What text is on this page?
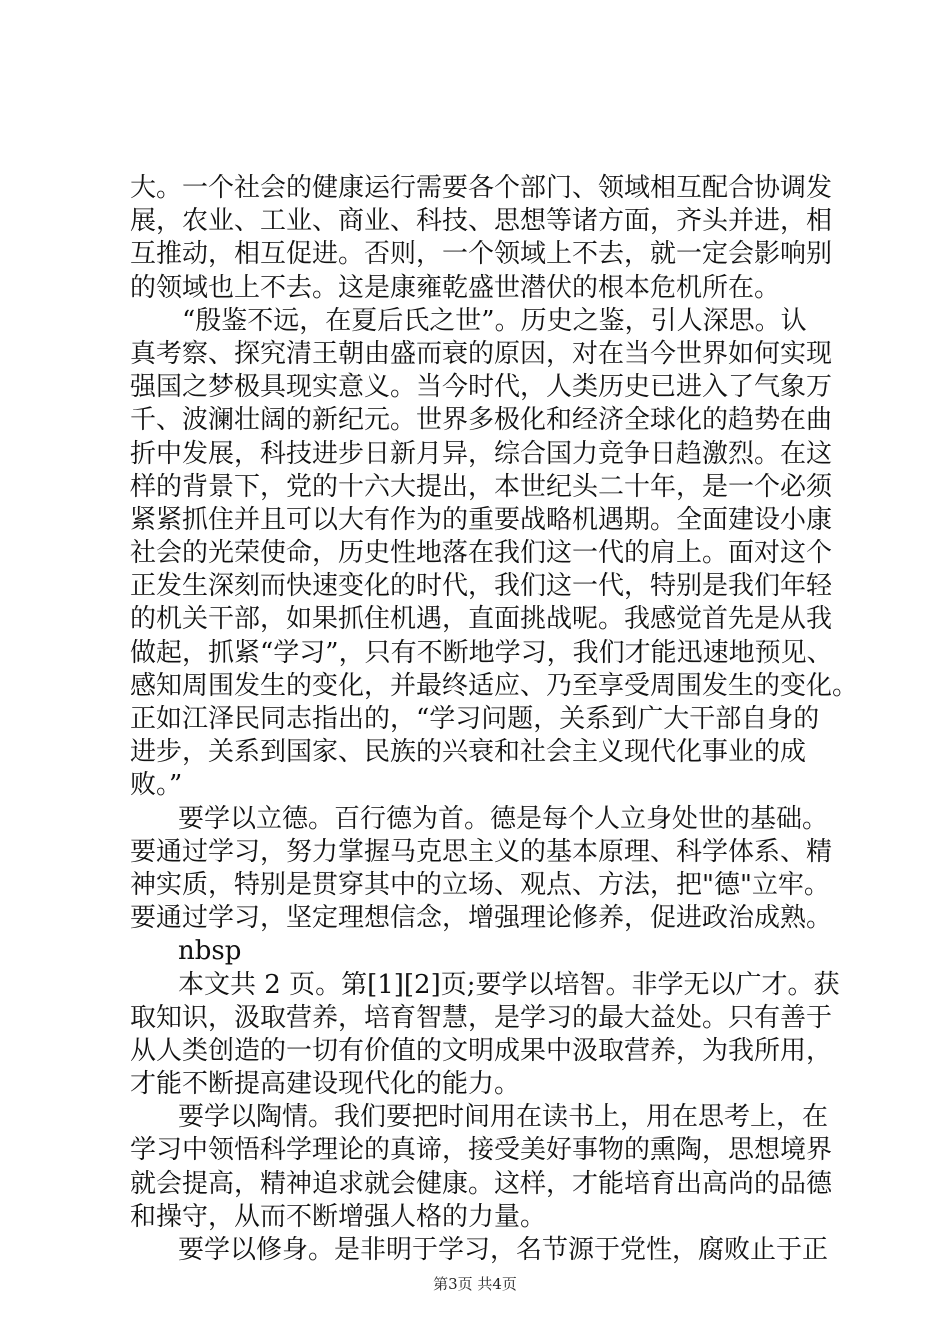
大。一个社会的健康运行需要各个部门、领域相互配合协调发
展，农业、工业、商业、科技、思想等诸方面，齐头并进，相
互推动，相互促进。否则，一个领域上不去，就一定会影响别
的领域也上不去。这是康雍乾盛世潜伏的根本危机所在。
“殷鉴不远，在夏后氏之世”。历史之鉴，引人深思。认
真考察、探究清王朝由盛而衰的原因，对在当今世界如何实现
强国之梦极具现实意义。当今时代，人类历史已进入了气象万
千、波澜壮阔的新纪元。世界多极化和经济全球化的趋势在曲
折中发展，科技进步日新月异，综合国力竞争日趋激烈。在这
样的背景下，党的十六大提出，本世纪头二十年，是一个必须
紧紧抓住并且可以大有作为的重要战略机遇期。全面建设小康
社会的光荣使命，历史性地落在我们这一代的肩上。面对这个
正发生深刻而快速变化的时代，我们这一代，特别是我们年轻
的机关干部，如果抓住机遇，直面挑战呢。我感觉首先是从我
做起，抓紧“学习”，只有不断地学习，我们才能迅速地预见、
感知周围发生的变化，并最终适应、乃至享受周围发生的变化。
正如江泽民同志指出的，“学习问题，关系到广大干部自身的
进步，关系到国家、民族的兴衰和社会主义现代化事业的成
败。”
要学以立德。百行德为首。德是每个人立身处世的基础。
要通过学习，努力掌握马克思主义的基本原理、科学体系、精
神实质，特别是贯穿其中的立场、观点、方法，把"德"立牢。
要通过学习，坚定理想信念，增强理论修养，促进政治成熟。
nbsp
本文共 2 页。第[1][2]页;要学以培智。非学无以广才。获
取知识，汲取营养，培育智慧，是学习的最大益处。只有善于
从人类创造的一切有价值的文明成果中汲取营养，为我所用，
才能不断提高建设现代化的能力。
要学以陶情。我们要把时间用在读书上，用在思考上，在
学习中领悟科学理论的真谛，接受美好事物的熏陶，思想境界
就会提高，精神追求就会健康。这样，才能培育出高尚的品德
和操守，从而不断增强人格的力量。
要学以修身。是非明于学习，名节源于党性，腐败止于正
第3页 共4页
